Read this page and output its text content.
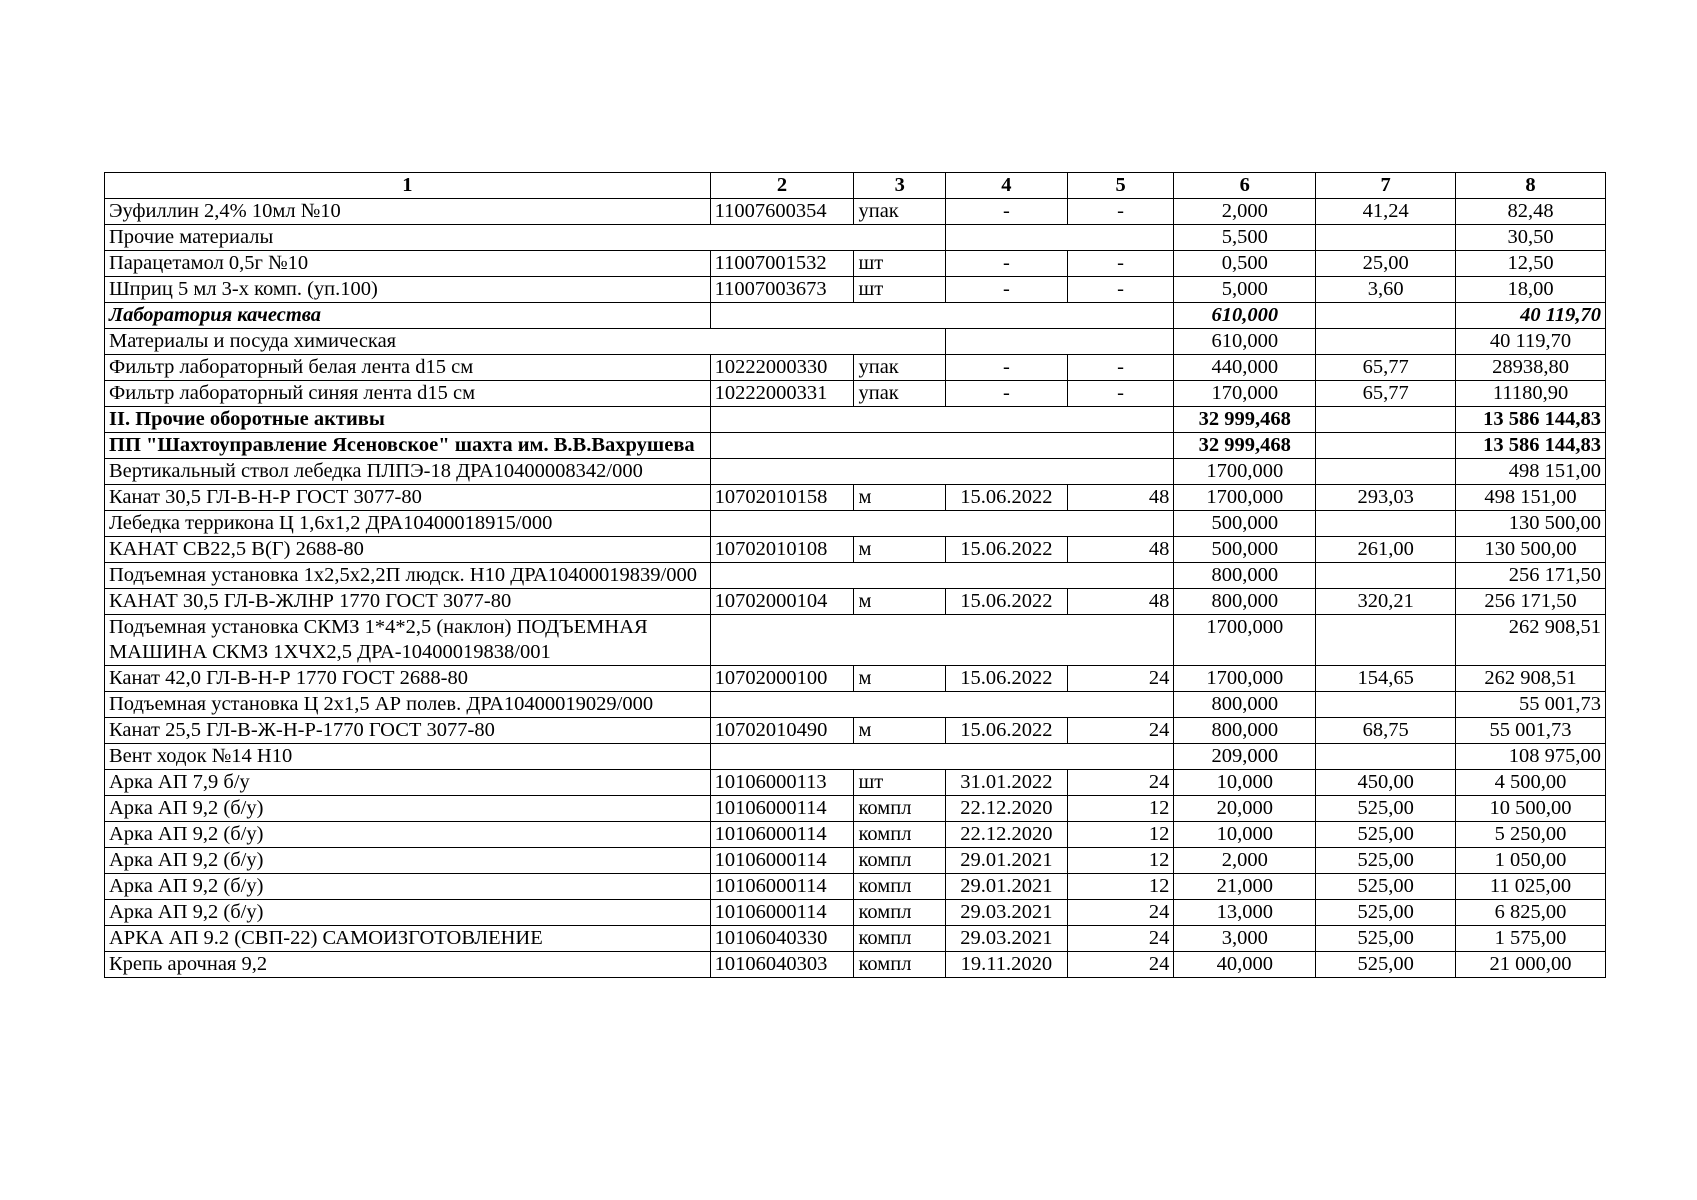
1	2	3	4	5	6	7	8
Эуфиллин 2,4% 10мл №10	11007600354	упак	-	-	2,000	41,24	82,48
Прочие материалы					5,500		30,50
Парацетамол 0,5г №10	11007001532	шт	-	-	0,500	25,00	12,50
Шприц 5 мл 3-х комп. (уп.100)	11007003673	шт	-	-	5,000	3,60	18,00
Лаборатория качества					610,000		40 119,70
Материалы и посуда химическая					610,000		40 119,70
Фильтр лабораторный белая лента d15 см	10222000330	упак	-	-	440,000	65,77	28938,80
Фильтр лабораторный синяя лента d15 см	10222000331	упак	-	-	170,000	65,77	11180,90
II. Прочие оборотные активы					32 999,468		13 586 144,83
ПП "Шахтоуправление Ясеновское" шахта им. В.В.Вахрушева					32 999,468		13 586 144,83
Вертикальный ствол лебедка ПЛПЭ-18 ДРА10400008342/000					1700,000		498 151,00
Канат 30,5 ГЛ-В-Н-Р ГОСТ 3077-80	10702010158	м	15.06.2022	48	1700,000	293,03	498 151,00
Лебедка террикона Ц 1,6х1,2 ДРА10400018915/000					500,000		130 500,00
КАНАТ СВ22,5 В(Г) 2688-80	10702010108	м	15.06.2022	48	500,000	261,00	130 500,00
Подъемная установка 1х2,5х2,2П людск. Н10 ДРА10400019839/000					800,000		256 171,50
КАНАТ 30,5 ГЛ-В-ЖЛНР 1770 ГОСТ 3077-80	10702000104	м	15.06.2022	48	800,000	320,21	256 171,50
Подъемная установка СКМЗ 1*4*2,5 (наклон) ПОДЪЕМНАЯ МАШИНА СКМЗ 1ХЧХ2,5 ДРА-10400019838/001					1700,000		262 908,51
Канат 42,0 ГЛ-В-Н-Р 1770 ГОСТ 2688-80	10702000100	м	15.06.2022	24	1700,000	154,65	262 908,51
Подъемная установка Ц 2х1,5 АР полев. ДРА10400019029/000					800,000		55 001,73
Канат 25,5 ГЛ-В-Ж-Н-Р-1770 ГОСТ 3077-80	10702010490	м	15.06.2022	24	800,000	68,75	55 001,73
Вент ходок №14 Н10					209,000		108 975,00
Арка АП 7,9 б/у	10106000113	шт	31.01.2022	24	10,000	450,00	4 500,00
Арка АП 9,2 (б/у)	10106000114	компл	22.12.2020	12	20,000	525,00	10 500,00
Арка АП 9,2 (б/у)	10106000114	компл	22.12.2020	12	10,000	525,00	5 250,00
Арка АП 9,2 (б/у)	10106000114	компл	29.01.2021	12	2,000	525,00	1 050,00
Арка АП 9,2 (б/у)	10106000114	компл	29.01.2021	12	21,000	525,00	11 025,00
Арка АП 9,2 (б/у)	10106000114	компл	29.03.2021	24	13,000	525,00	6 825,00
АРКА АП 9.2 (СВП-22) САМОИЗГОТОВЛЕНИЕ	10106040330	компл	29.03.2021	24	3,000	525,00	1 575,00
Крепь арочная 9,2	10106040303	компл	19.11.2020	24	40,000	525,00	21 000,00
